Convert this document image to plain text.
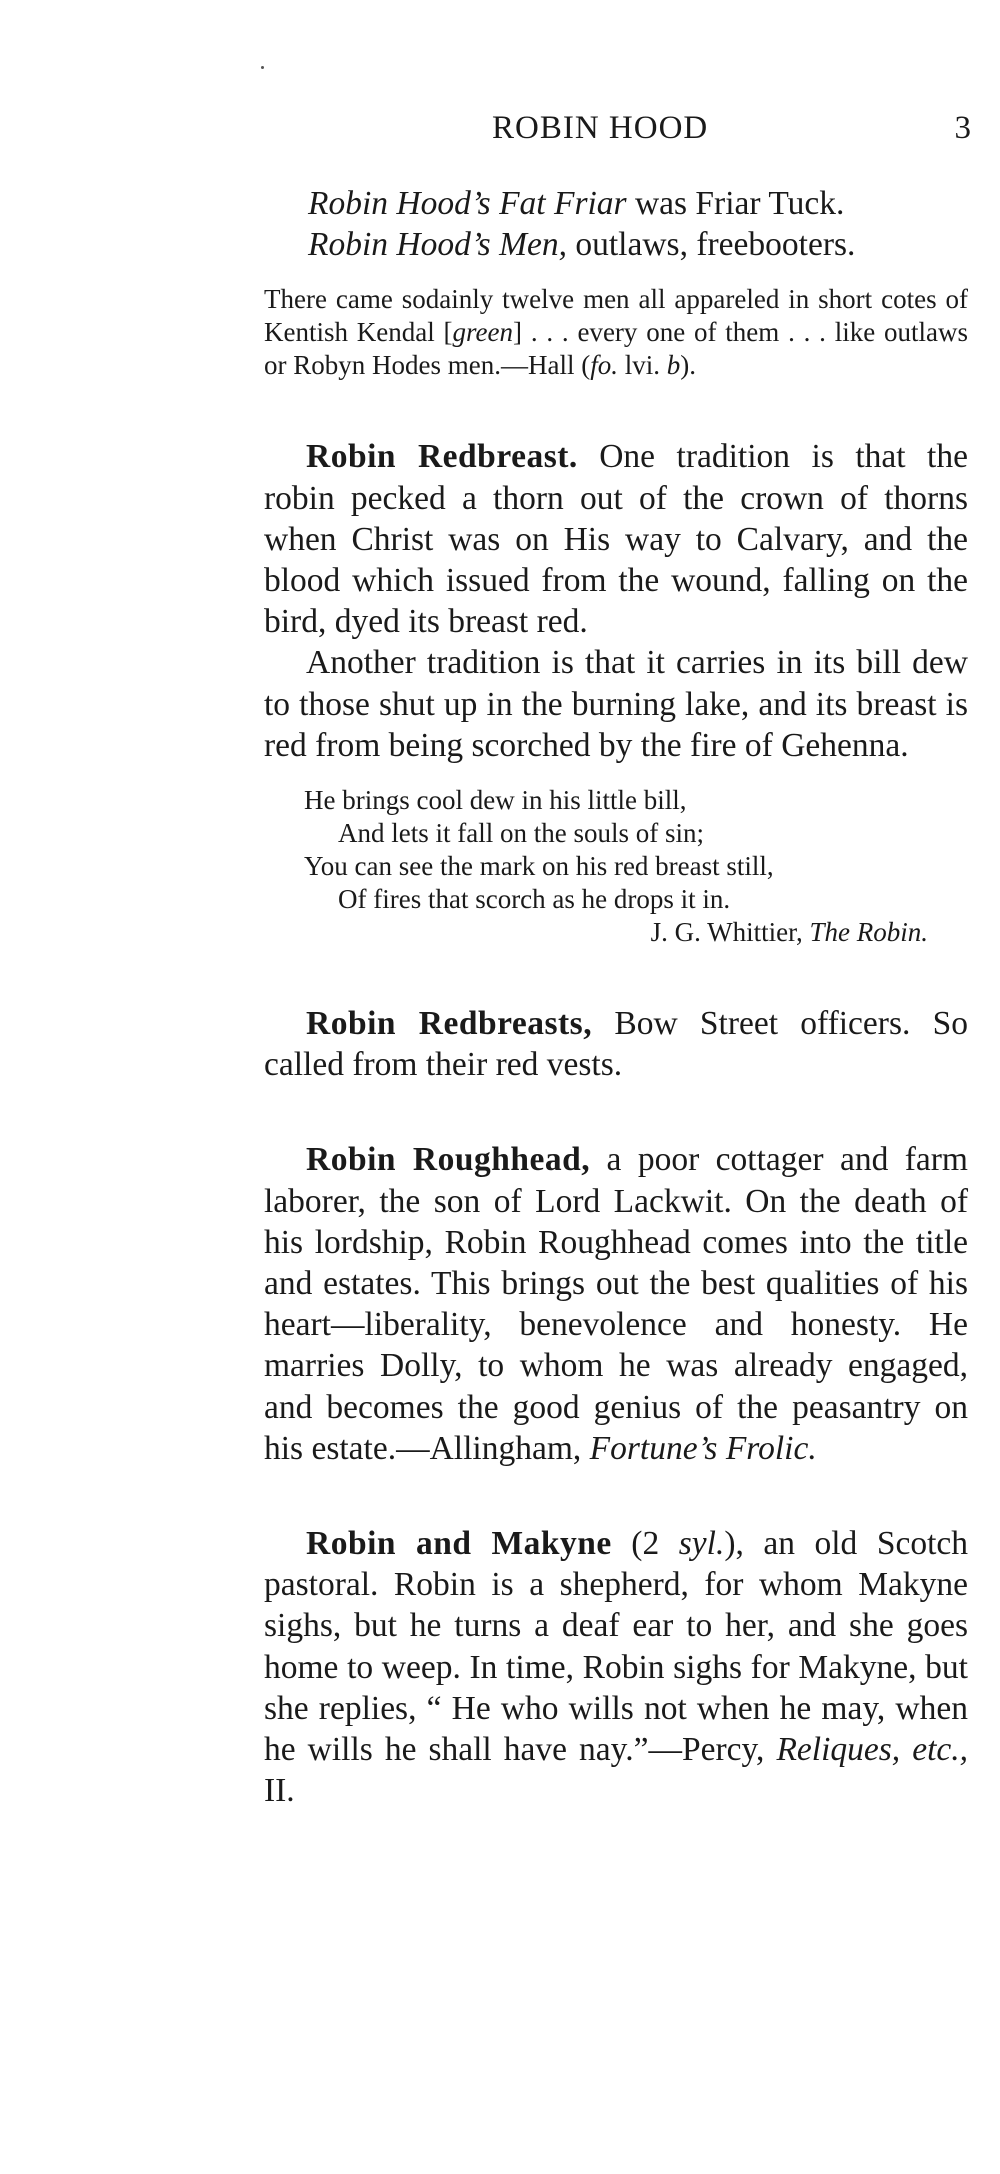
ROBIN HOOD	3

Robin Hood’s Fat Friar was Friar Tuck.

Robin Hood’s Men, outlaws, freebooters.

There came sodainly twelve men all appareled in short cotes of Kentish Kendal [green] . . . every one of them . . . like outlaws or Robyn Hodes men.—Hall (fo. lvi. b).

Robin Redbreast. One tradition is that the robin pecked a thorn out of the crown of thorns when Christ was on His way to Calvary, and the blood which issued from the wound, falling on the bird, dyed its breast red.

Another tradition is that it carries in its bill dew to those shut up in the burning lake, and its breast is red from being scorched by the fire of Gehenna.

He brings cool dew in his little bill,
And lets it fall on the souls of sin;
You can see the mark on his red breast still,
Of fires that scorch as he drops it in.
J. G. Whittier, The Robin.

Robin Redbreasts, Bow Street officers. So called from their red vests.

Robin Roughhead, a poor cottager and farm laborer, the son of Lord Lackwit. On the death of his lordship, Robin Roughhead comes into the title and estates. This brings out the best qualities of his heart—liberality, benevolence and honesty. He marries Dolly, to whom he was already engaged, and becomes the good genius of the peasantry on his estate.—Allingham, Fortune’s Frolic.

Robin and Makyne (2 syl.), an old Scotch pastoral. Robin is a shepherd, for whom Makyne sighs, but he turns a deaf ear to her, and she goes home to weep. In time, Robin sighs for Makyne, but she replies, “ He who wills not when he may, when he wills he shall have nay.”—Percy, Reliques, etc., II.
